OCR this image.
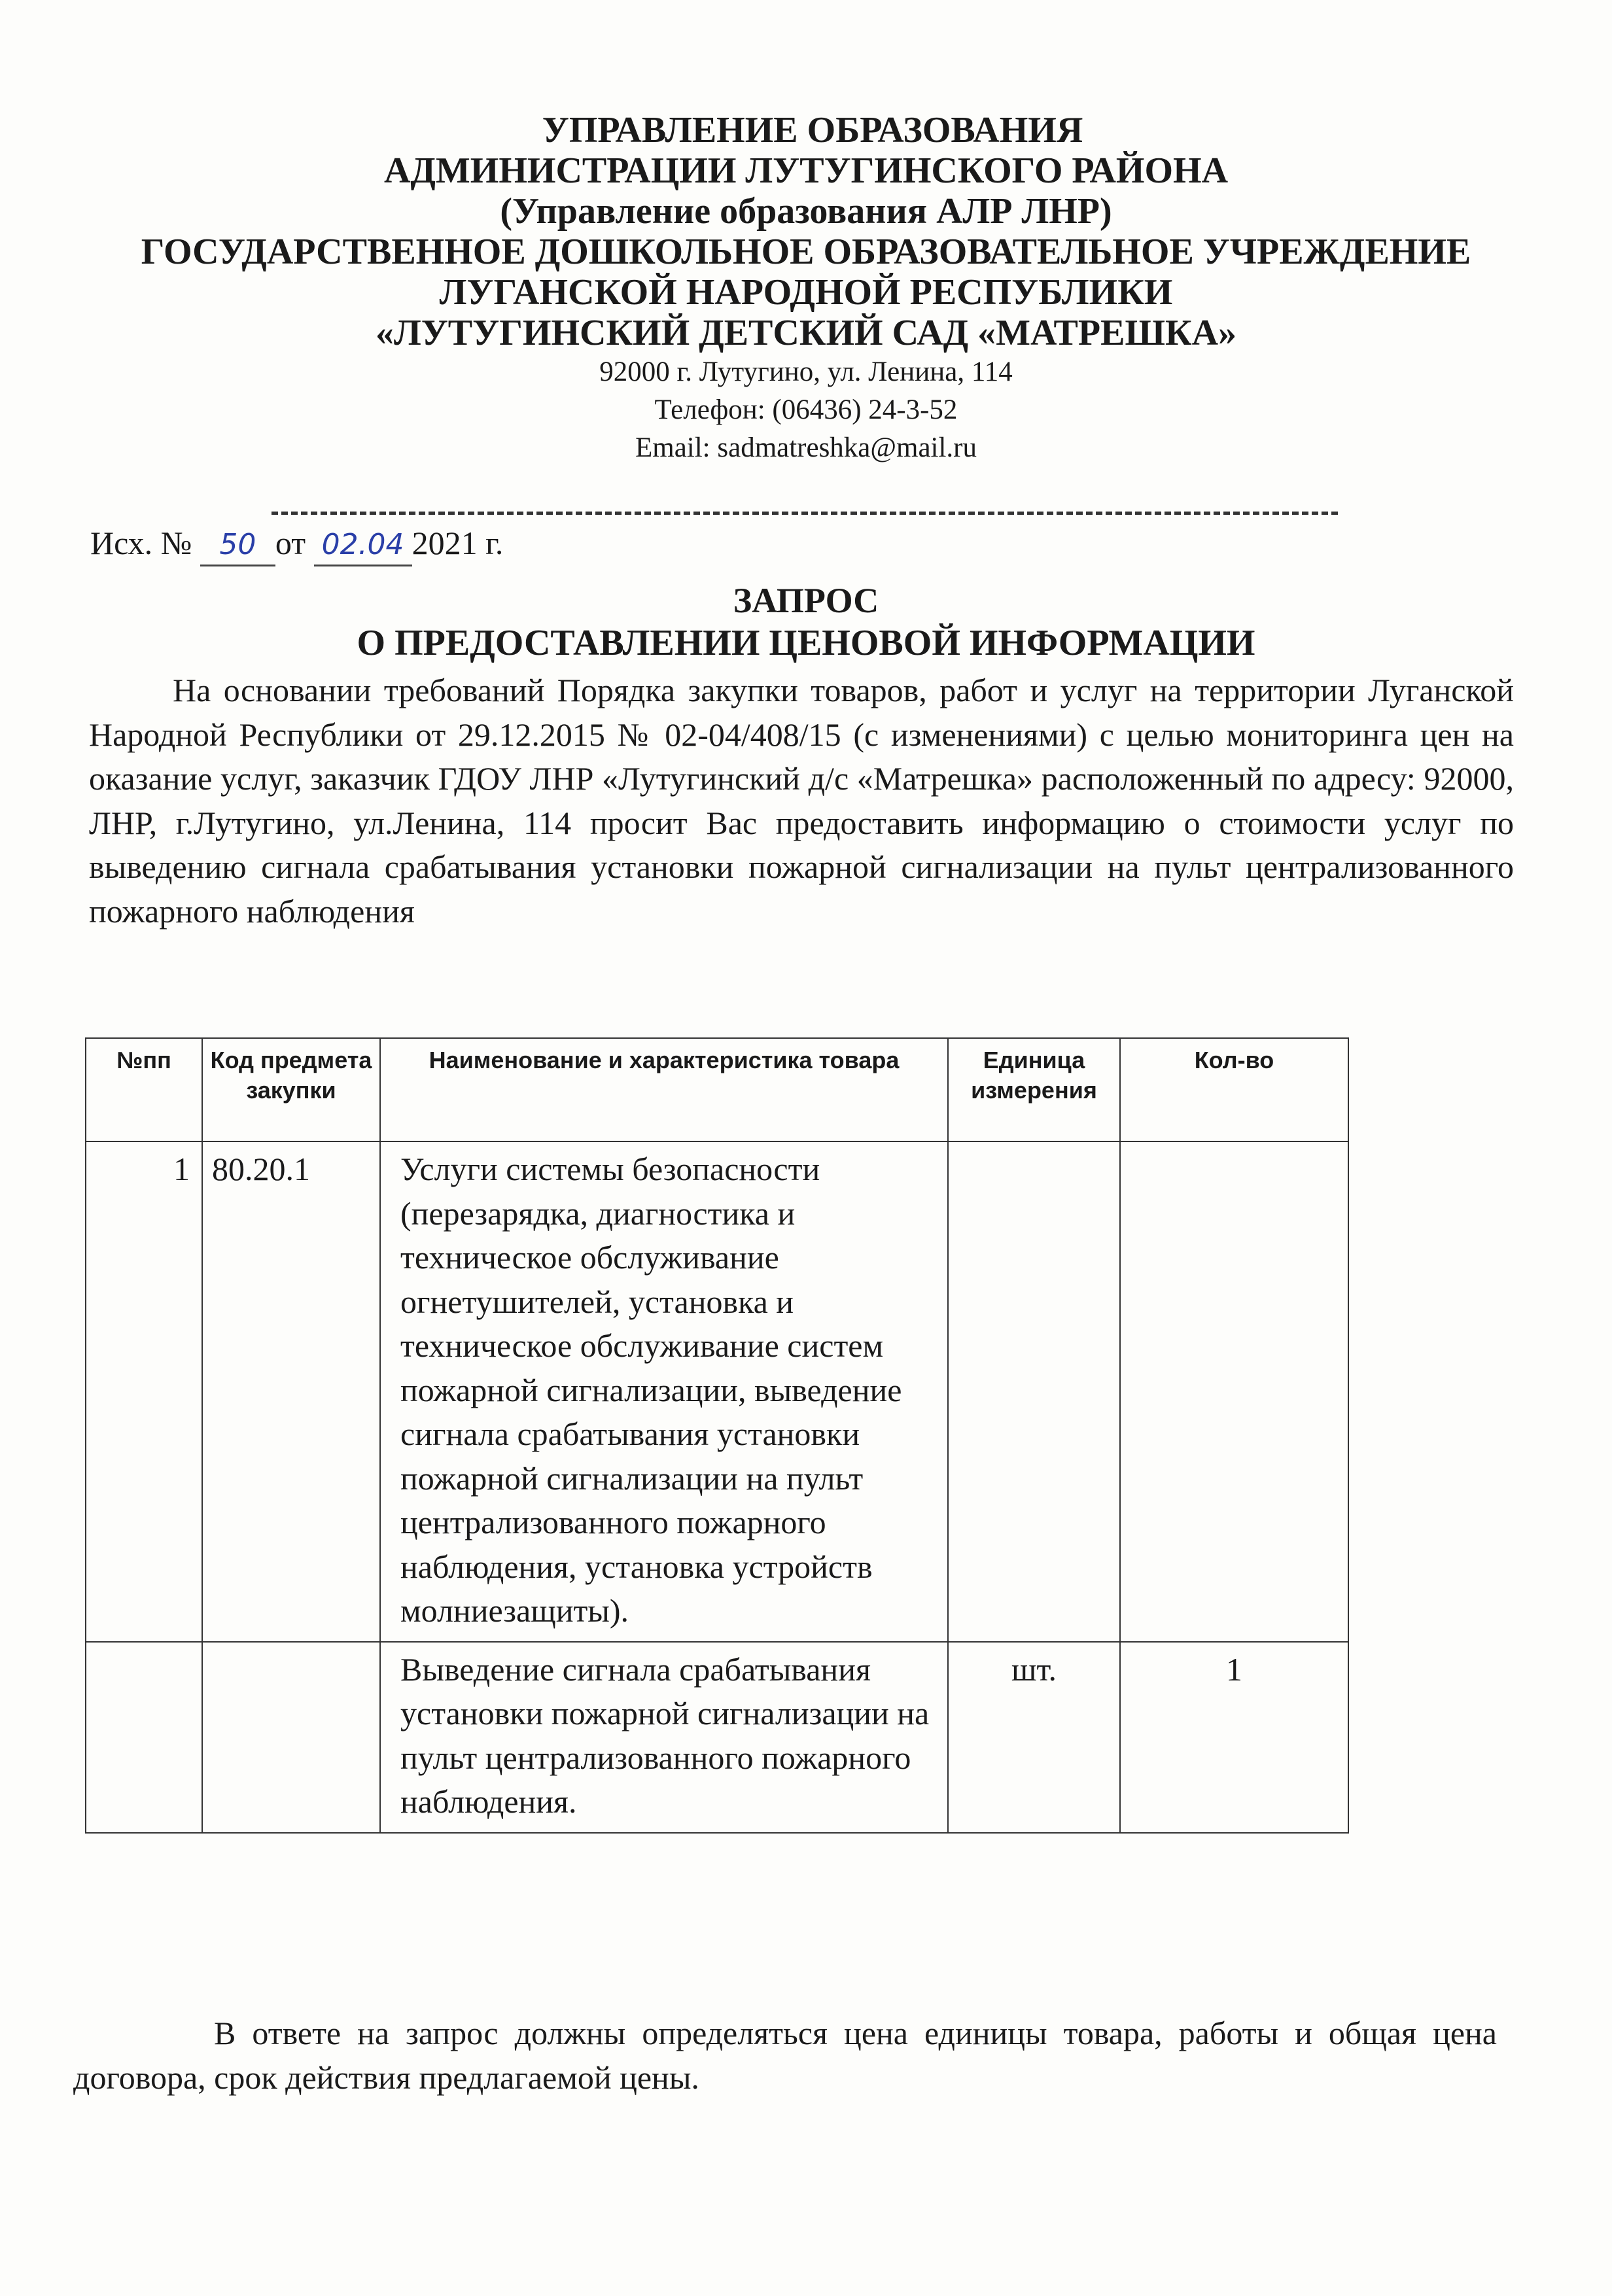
УПРАВЛЕНИЕ ОБРАЗОВАНИЯ
АДМИНИСТРАЦИИ ЛУТУГИНСКОГО РАЙОНА
(Управление образования АЛР ЛНР)
ГОСУДАРСТВЕННОЕ ДОШКОЛЬНОЕ ОБРАЗОВАТЕЛЬНОЕ УЧРЕЖДЕНИЕ
ЛУГАНСКОЙ НАРОДНОЙ РЕСПУБЛИКИ
«ЛУТУГИНСКИЙ ДЕТСКИЙ САД «МАТРЕШКА»
92000 г. Лутугино, ул. Ленина, 114
Телефон: (06436) 24-3-52
Email: sadmatreshka@mail.ru
Исх. № 50 от 02.04 2021 г.
ЗАПРОС
О ПРЕДОСТАВЛЕНИИ ЦЕНОВОЙ ИНФОРМАЦИИ
На основании требований Порядка закупки товаров, работ и услуг на территории Луганской Народной Республики от 29.12.2015 № 02-04/408/15 (с изменениями) с целью мониторинга цен на оказание услуг, заказчик ГДОУ ЛНР «Лутугинский д/с «Матрешка» расположенный по адресу: 92000, ЛНР, г.Лутугино, ул.Ленина, 114 просит Вас предоставить информацию о стоимости услуг по выведению сигнала срабатывания установки пожарной сигнализации на пульт централизованного пожарного наблюдения
№пп	Код предмета закупки	Наименование и характеристика товара	Единица измерения	Кол-во
1	80.20.1	Услуги системы безопасности (перезарядка, диагностика и техническое обслуживание огнетушителей, установка и техническое обслуживание систем пожарной сигнализации, выведение сигнала срабатывания установки пожарной сигнализации на пульт централизованного пожарного наблюдения, установка устройств молниезащиты).		
		Выведение сигнала срабатывания установки пожарной сигнализации на пульт централизованного пожарного наблюдения.	шт.	1
В ответе на запрос должны определяться цена единицы товара, работы и общая цена договора, срок действия предлагаемой цены.
